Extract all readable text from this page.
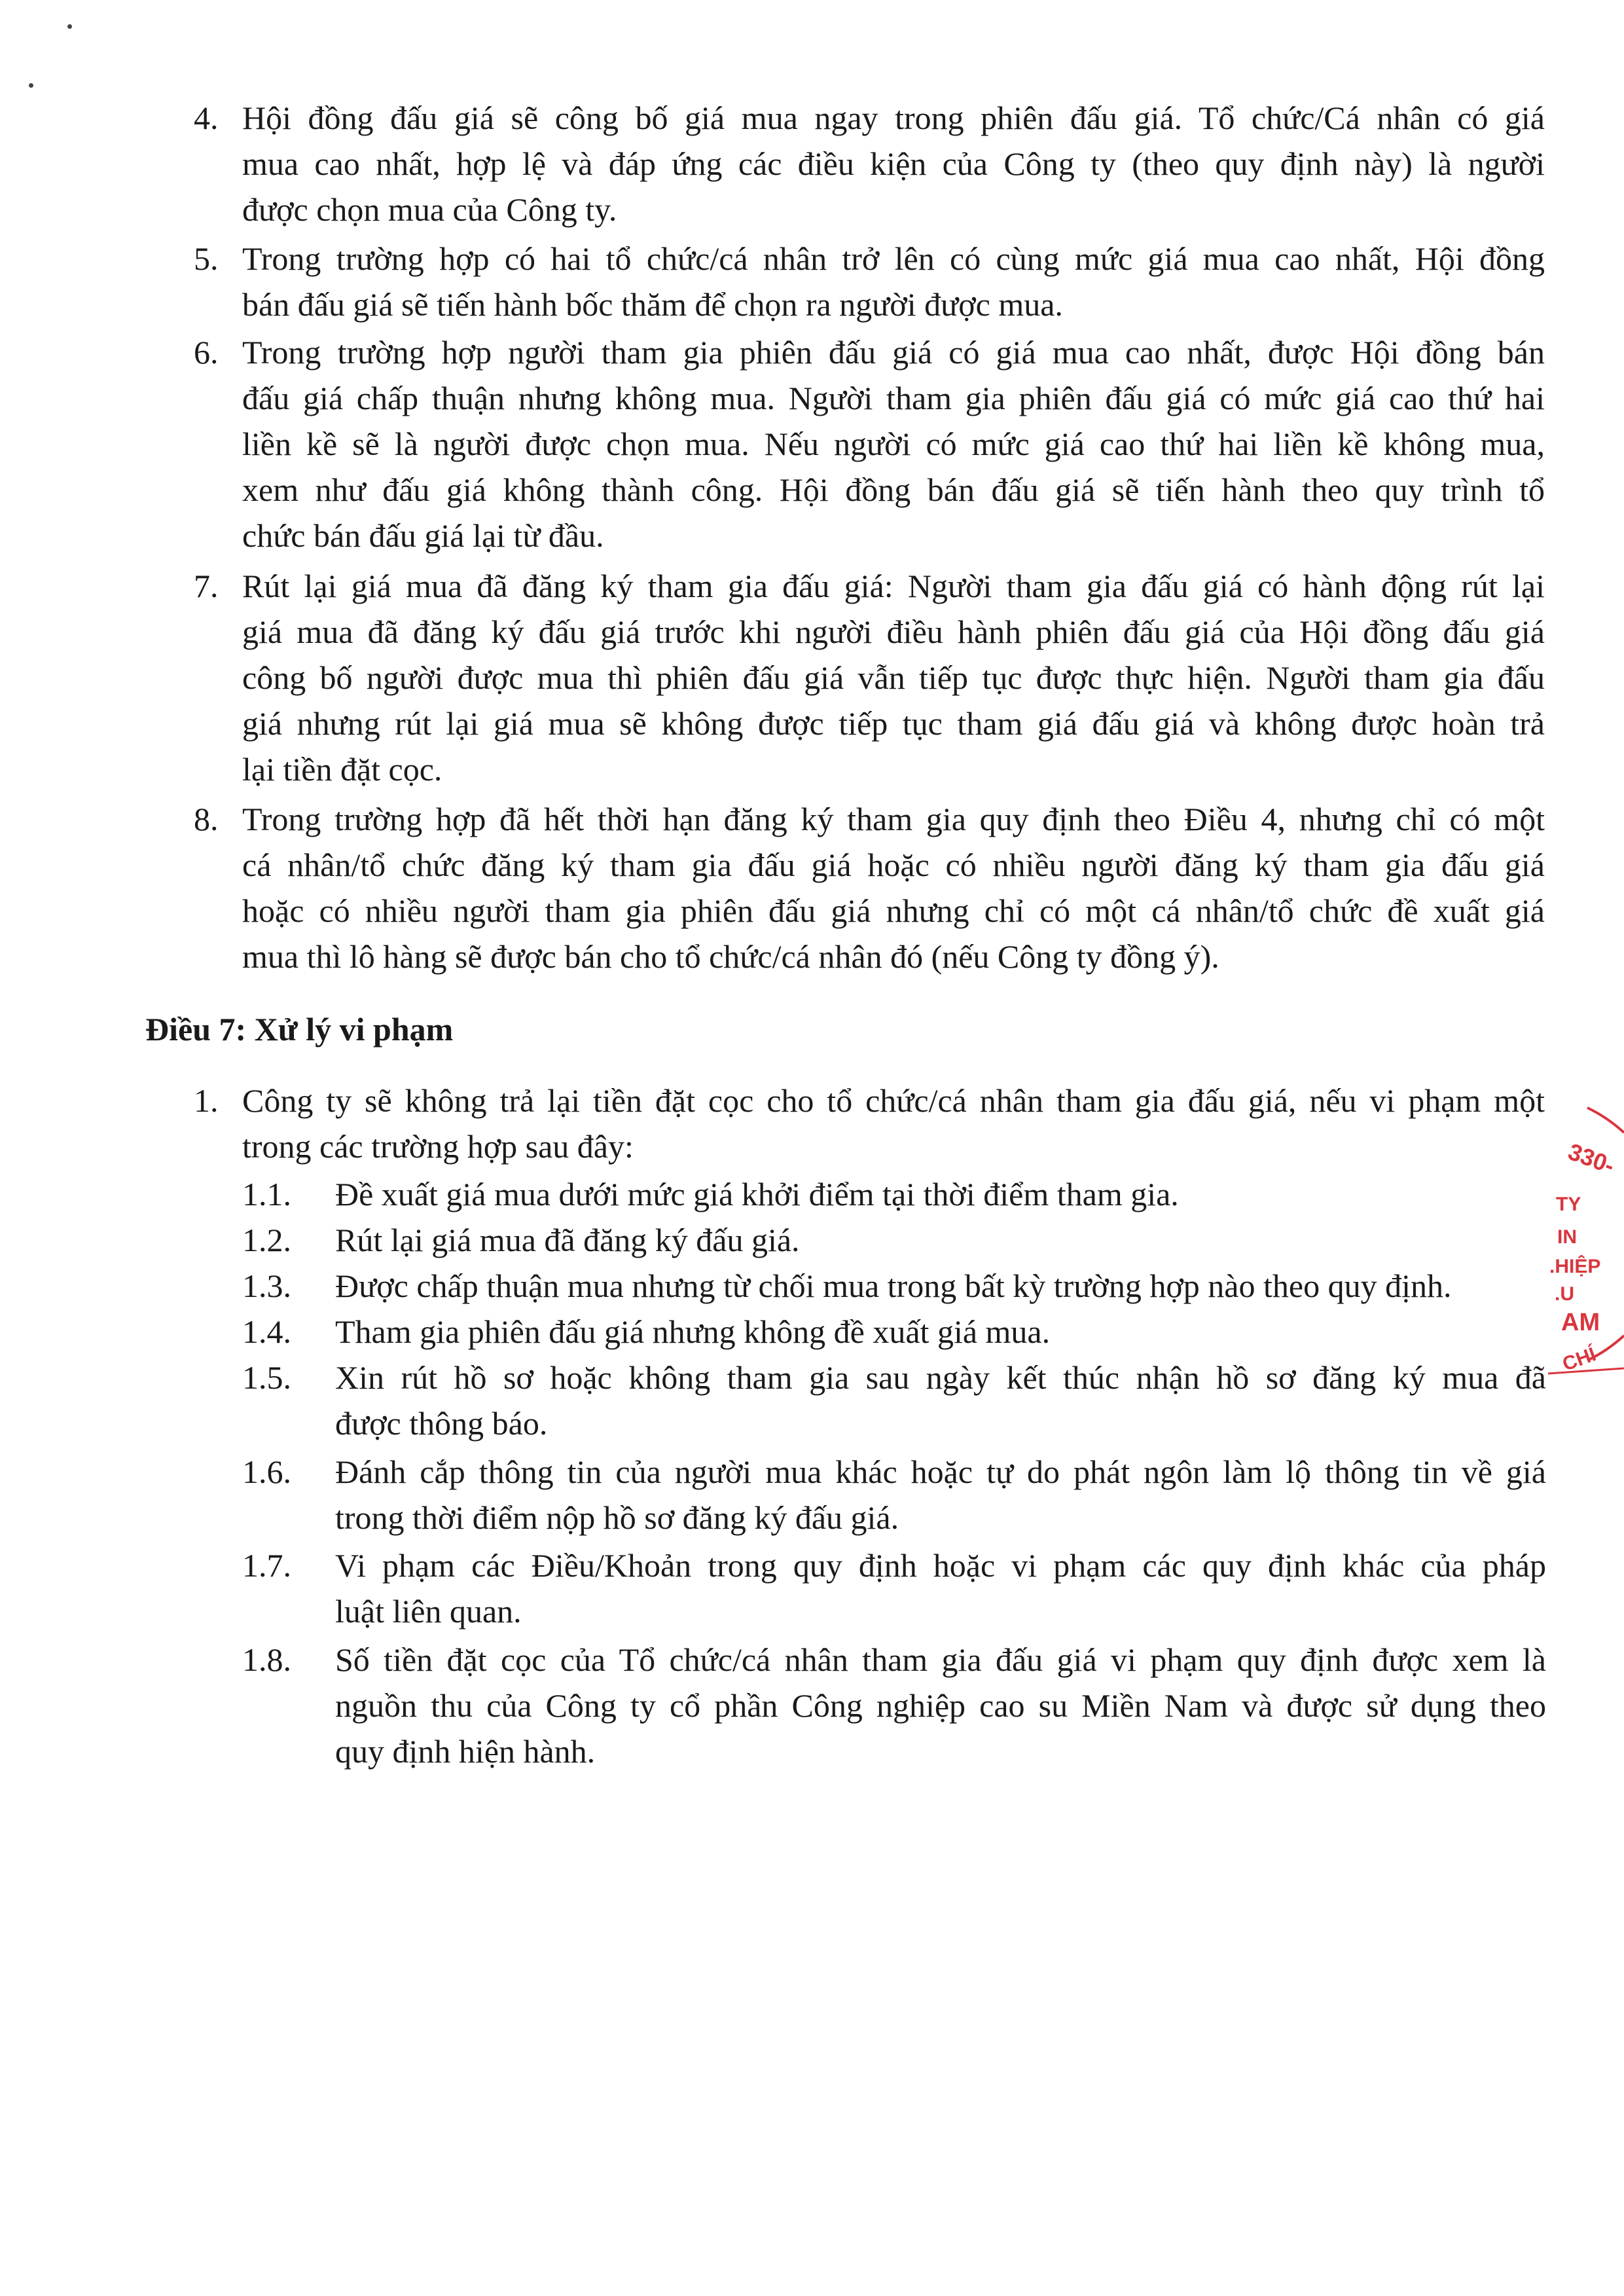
4. Hội đồng đấu giá sẽ công bố giá mua ngay trong phiên đấu giá. Tổ chức/Cá nhân có giá
mua cao nhất, hợp lệ và đáp ứng các điều kiện của Công ty (theo quy định này) là người
được chọn mua của Công ty.
5. Trong trường hợp có hai tổ chức/cá nhân trở lên có cùng mức giá mua cao nhất, Hội đồng
bán đấu giá sẽ tiến hành bốc thăm để chọn ra người được mua.
6. Trong trường hợp người tham gia phiên đấu giá có giá mua cao nhất, được Hội đồng bán
đấu giá chấp thuận nhưng không mua. Người tham gia phiên đấu giá có mức giá cao thứ hai
liền kề sẽ là người được chọn mua. Nếu người có mức giá cao thứ hai liền kề không mua,
xem như đấu giá không thành công. Hội đồng bán đấu giá sẽ tiến hành theo quy trình tổ
chức bán đấu giá lại từ đầu.
7. Rút lại giá mua đã đăng ký tham gia đấu giá: Người tham gia đấu giá có hành động rút lại
giá mua đã đăng ký đấu giá trước khi người điều hành phiên đấu giá của Hội đồng đấu giá
công bố người được mua thì phiên đấu giá vẫn tiếp tục được thực hiện. Người tham gia đấu
giá nhưng rút lại giá mua sẽ không được tiếp tục tham giá đấu giá và không được hoàn trả
lại tiền đặt cọc.
8. Trong trường hợp đã hết thời hạn đăng ký tham gia quy định theo Điều 4, nhưng chỉ có một
cá nhân/tổ chức đăng ký tham gia đấu giá hoặc có nhiều người đăng ký tham gia đấu giá
hoặc có nhiều người tham gia phiên đấu giá nhưng chỉ có một cá nhân/tổ chức đề xuất giá
mua thì lô hàng sẽ được bán cho tổ chức/cá nhân đó (nếu Công ty đồng ý).
Điều 7: Xử lý vi phạm
1. Công ty sẽ không trả lại tiền đặt cọc cho tổ chức/cá nhân tham gia đấu giá, nếu vi phạm một
trong các trường hợp sau đây:
1.1. Đề xuất giá mua dưới mức giá khởi điểm tại thời điểm tham gia.
1.2. Rút lại giá mua đã đăng ký đấu giá.
1.3. Được chấp thuận mua nhưng từ chối mua trong bất kỳ trường hợp nào theo quy định.
1.4. Tham gia phiên đấu giá nhưng không đề xuất giá mua.
1.5. Xin rút hồ sơ hoặc không tham gia sau ngày kết thúc nhận hồ sơ đăng ký mua đã
được thông báo.
1.6. Đánh cắp thông tin của người mua khác hoặc tự do phát ngôn làm lộ thông tin về giá
trong thời điểm nộp hồ sơ đăng ký đấu giá.
1.7. Vi phạm các Điều/Khoản trong quy định hoặc vi phạm các quy định khác của pháp
luật liên quan.
1.8. Số tiền đặt cọc của Tổ chức/cá nhân tham gia đấu giá vi phạm quy định được xem là
nguồn thu của Công ty cổ phần Công nghiệp cao su Miền Nam và được sử dụng theo
quy định hiện hành.
330-
TY
IN
.HIỆP
.U
AM
CHÍ
